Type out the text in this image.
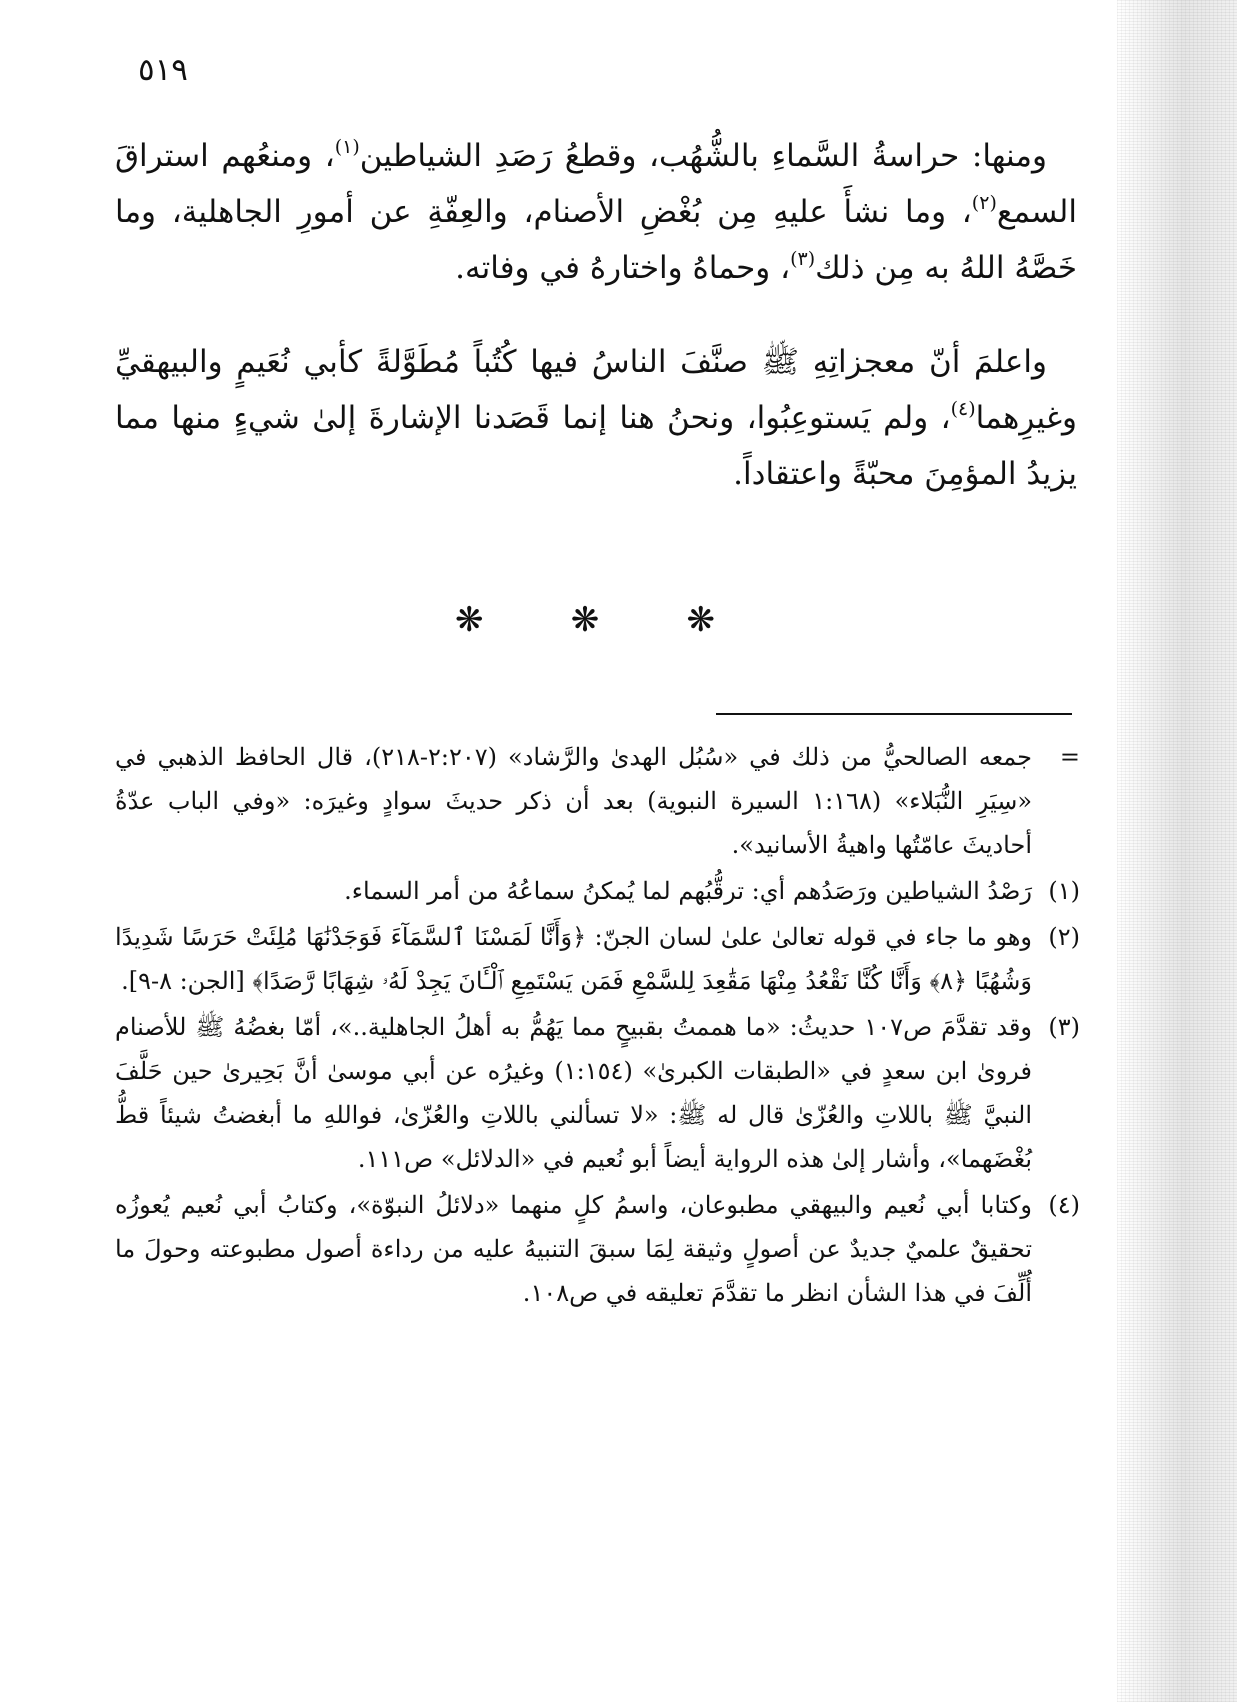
٥١٩

ومنها: حراسةُ السَّماءِ بالشُّهُب، وقطعُ رَصَدِ الشياطين$^{(١)}$، ومنعُهم استراقَ السمع$^{(٢)}$، وما نشأَ عليهِ مِن بُغْضِ الأصنام، والعِفّةِ عن أمورِ الجاهلية، وما خَصَّهُ اللهُ به مِن ذلك$^{(٣)}$، وحماهُ واختارهُ في وفاته.

واعلمَ أنّ معجزاتِهِ ﷺ صنَّفَ الناسُ فيها كُتُباً مُطَوَّلةً كأبي نُعَيمٍ والبيهقيِّ وغيرِهما$^{(٤)}$، ولم يَستوعِبُوا، ونحنُ هنا إنما قَصَدنا الإشارةَ إلىٰ شيءٍ منها مما يزيدُ المؤمِنَ محبّةً واعتقاداً.

❋	❋	❋
=
جمعه الصالحيُّ من ذلك في «سُبُل الهدىٰ والرَّشاد» (٢:٢٠٧-٢١٨)، قال الحافظ الذهبي في «سِيَرِ النُّبَلاء» (١:١٦٨ السيرة النبوية) بعد أن ذكر حديثَ سوادٍ وغيرَه: «وفي الباب عدّةُ أحاديثَ عامّتُها واهيةُ الأسانيد».
(١)
رَصْدُ الشياطين ورَصَدُهم أي: ترقُّبُهم لما يُمكنُ سماعُهُ من أمر السماء.
(٢)
وهو ما جاء في قوله تعالىٰ علىٰ لسان الجنّ: ﴿وَأَنَّا لَمَسْنَا ٱلسَّمَآءَ فَوَجَدْنَٰهَا مُلِئَتْ حَرَسًا شَدِيدًا وَشُهُبًا ﴿٨﴾ وَأَنَّا كُنَّا نَقْعُدُ مِنْهَا مَقَٰعِدَ لِلسَّمْعِ فَمَن يَسْتَمِعِ ٱلْـَٔانَ يَجِدْ لَهُۥ شِهَابًا رَّصَدًا﴾ [الجن: ٨-٩].
(٣)
وقد تقدَّمَ ص١٠٧ حديثُ: «ما هممتُ بقبيحٍ مما يَهُمُّ به أهلُ الجاهلية..»، أمّا بغضُهُ ﷺ للأصنام فروىٰ ابن سعدٍ في «الطبقات الكبرىٰ» (١:١٥٤) وغيرُه عن أبي موسىٰ أنَّ بَحِيرىٰ حين حَلَّفَ النبيَّ ﷺ باللاتِ والعُزّىٰ قال له ﷺ: «لا تسألني باللاتِ والعُزّىٰ، فواللهِ ما أبغضتُ شيئاً قطُّ بُغْضَهما»، وأشار إلىٰ هذه الرواية أيضاً أبو نُعيم في «الدلائل» ص١١١.
(٤)
وكتابا أبي نُعيم والبيهقي مطبوعان، واسمُ كلٍ منهما «دلائلُ النبوّة»، وكتابُ أبي نُعيم يُعوزُه تحقيقٌ علميٌ جديدٌ عن أصولٍ وثيقة لِمَا سبقَ التنبيهُ عليه من رداءة أصول مطبوعته وحولَ ما أُلِّفَ في هذا الشأن انظر ما تقدَّمَ تعليقه في ص١٠٨.
